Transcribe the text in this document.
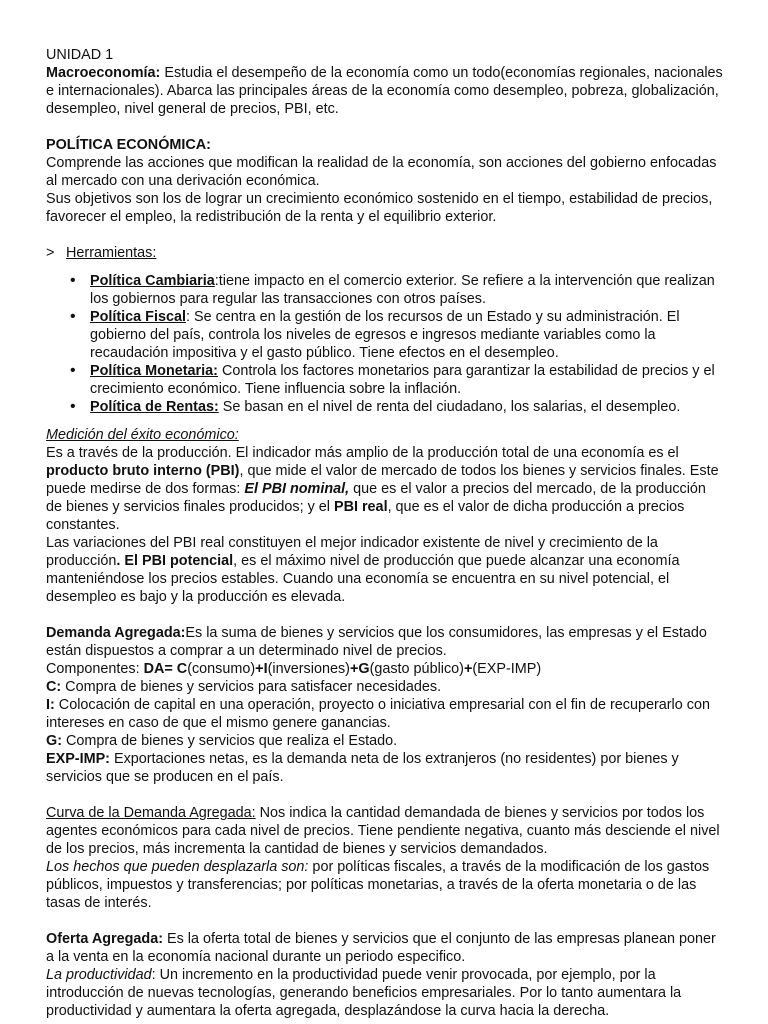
UNIDAD 1

Macroeconomía: Estudia el desempeño de la economía como un todo(economías regionales, nacionales e internacionales). Abarca las principales áreas de la economía como desempleo, pobreza, globalización, desempleo, nivel general de precios, PBI, etc.

POLÍTICA ECONÓMICA:

Comprende las acciones que modifican la realidad de la economía, son acciones del gobierno enfocadas al mercado con una derivación económica.

Sus objetivos son los de lograr un crecimiento económico sostenido en el tiempo, estabilidad de precios, favorecer el empleo, la redistribución de la renta y el equilibrio exterior.

> Herramientas:

• Política Cambiaria:tiene impacto en el comercio exterior. Se refiere a la intervención que realizan los gobiernos para regular las transacciones con otros países.
• Política Fiscal: Se centra en la gestión de los recursos de un Estado y su administración. El gobierno del país, controla los niveles de egresos e ingresos mediante variables como la recaudación impositiva y el gasto público. Tiene efectos en el desempleo.
• Política Monetaria: Controla los factores monetarios para garantizar la estabilidad de precios y el crecimiento económico. Tiene influencia sobre la inflación.
• Política de Rentas: Se basan en el nivel de renta del ciudadano, los salarias, el desempleo.

Medición del éxito económico:

Es a través de la producción. El indicador más amplio de la producción total de una economía es el producto bruto interno (PBI), que mide el valor de mercado de todos los bienes y servicios finales. Este puede medirse de dos formas: El PBI nominal, que es el valor a precios del mercado, de la producción de bienes y servicios finales producidos; y el PBI real, que es el valor de dicha producción a precios constantes.

Las variaciones del PBI real constituyen el mejor indicador existente de nivel y crecimiento de la producción. El PBI potencial, es el máximo nivel de producción que puede alcanzar una economía manteniéndose los precios estables. Cuando una economía se encuentra en su nivel potencial, el desempleo es bajo y la producción es elevada.

Demanda Agregada:Es la suma de bienes y servicios que los consumidores, las empresas y el Estado están dispuestos a comprar a un determinado nivel de precios.

Componentes: DA= C(consumo)+I(inversiones)+G(gasto público)+(EXP-IMP)

C: Compra de bienes y servicios para satisfacer necesidades.

I: Colocación de capital en una operación, proyecto o iniciativa empresarial con el fin de recuperarlo con intereses en caso de que el mismo genere ganancias.

G: Compra de bienes y servicios que realiza el Estado.

EXP-IMP: Exportaciones netas, es la demanda neta de los extranjeros (no residentes) por bienes y servicios que se producen en el país.

Curva de la Demanda Agregada: Nos indica la cantidad demandada de bienes y servicios por todos los agentes económicos para cada nivel de precios. Tiene pendiente negativa, cuanto más desciende el nivel de los precios, más incrementa la cantidad de bienes y servicios demandados.

Los hechos que pueden desplazarla son: por políticas fiscales, a través de la modificación de los gastos públicos, impuestos y transferencias; por políticas monetarias, a través de la oferta monetaria o de las tasas de interés.

Oferta Agregada: Es la oferta total de bienes y servicios que el conjunto de las empresas planean poner a la venta en la economía nacional durante un periodo especifico.

La productividad: Un incremento en la productividad puede venir provocada, por ejemplo, por la introducción de nuevas tecnologías, generando beneficios empresariales. Por lo tanto aumentara la productividad y aumentara la oferta agregada, desplazándose la curva hacia la derecha.
